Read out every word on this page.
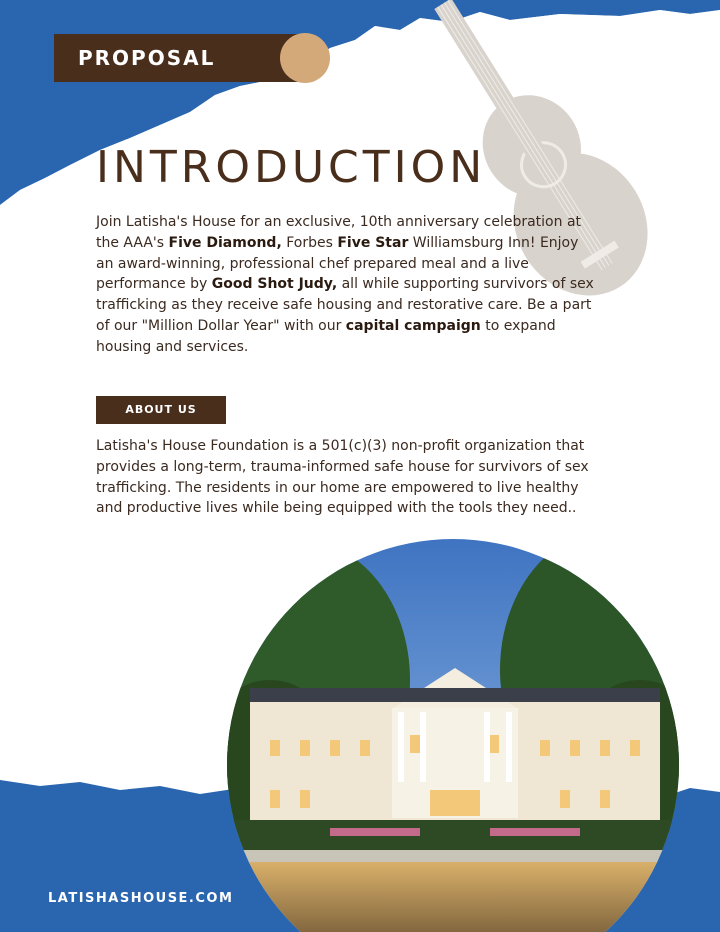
PROPOSAL
INTRODUCTION

Join Latisha's House for an exclusive, 10th anniversary celebration at the AAA's Five Diamond, Forbes Five Star Williamsburg Inn! Enjoy an award-winning, professional chef prepared meal and a live performance by Good Shot Judy, all while supporting survivors of sex trafficking as they receive safe housing and restorative care. Be a part of our "Million Dollar Year" with our capital campaign to expand housing and services.

ABOUT US

Latisha's House Foundation is a 501(c)(3) non-profit organization that provides a long-term, trauma-informed safe house for survivors of sex trafficking. The residents in our home are empowered to live healthy and productive lives while being equipped with the tools they need..

LATISHASHOUSE.COM
